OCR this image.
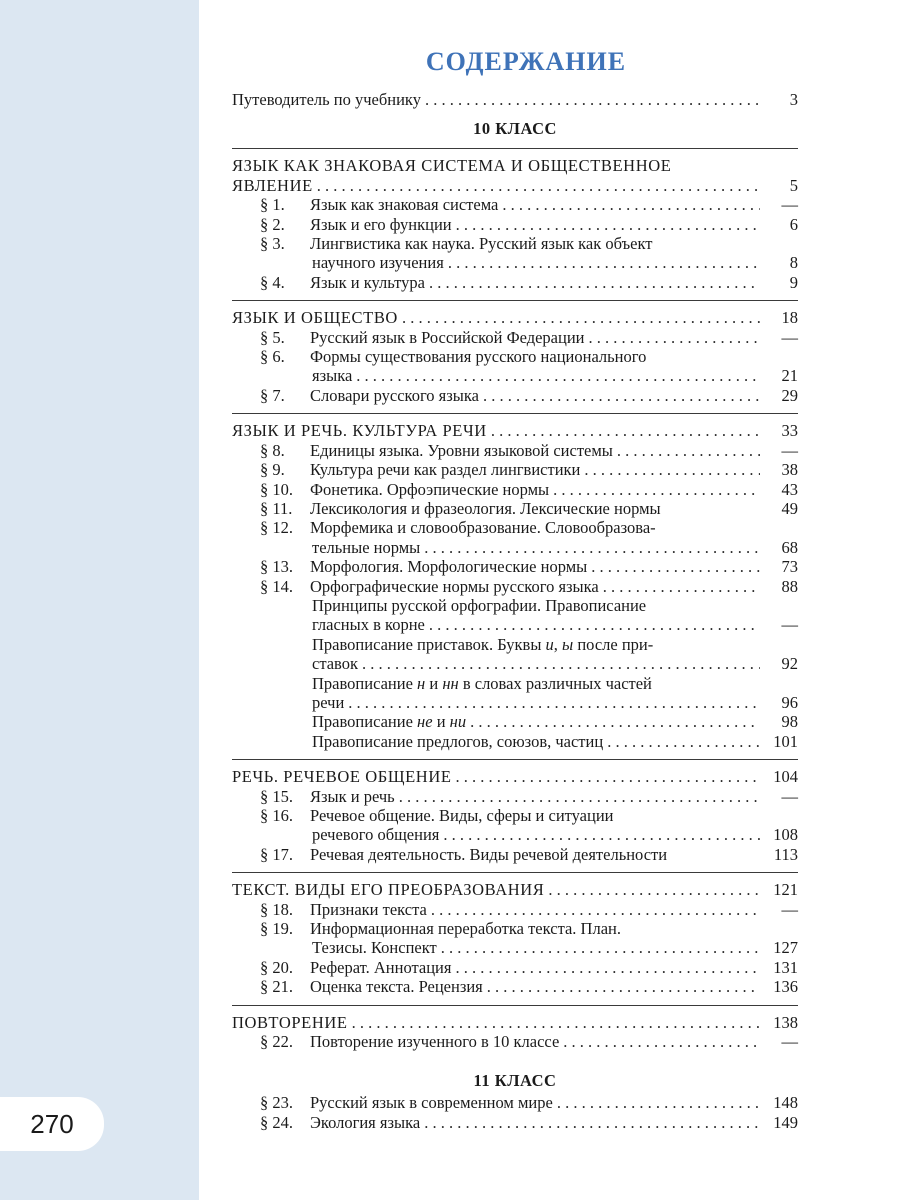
270
СОДЕРЖАНИЕ
Путеводитель по учебнику . . .	3
10 КЛАСС
ЯЗЫК КАК ЗНАКОВАЯ СИСТЕМА И ОБЩЕСТВЕННОЕ
ЯВЛЕНИЕ . . .	5
§ 1. Язык как знаковая система . . .	—
§ 2. Язык и его функции . . .	6
§ 3. Лингвистика как наука. Русский язык как объект
научного изучения . . .	8
§ 4. Язык и культура . . .	9
ЯЗЫК И ОБЩЕСТВО . . .	18
§ 5. Русский язык в Российской Федерации . . .	—
§ 6. Формы существования русского национального
языка . . .	21
§ 7. Словари русского языка . . .	29
ЯЗЫК И РЕЧЬ. КУЛЬТУРА РЕЧИ . . .	33
§ 8. Единицы языка. Уровни языковой системы . . .	—
§ 9. Культура речи как раздел лингвистики . . .	38
§ 10. Фонетика. Орфоэпические нормы . . .	43
§ 11. Лексикология и фразеология. Лексические нормы	49
§ 12. Морфемика и словообразование. Словообразова-
тельные нормы . . .	68
§ 13. Морфология. Морфологические нормы . . .	73
§ 14. Орфографические нормы русского языка . . .	88
Принципы русской орфографии. Правописание
гласных в корне . . .	—
Правописание приставок. Буквы и, ы после при-
ставок . . .	92
Правописание н и нн в словах различных частей
речи . . .	96
Правописание не и ни . . .	98
Правописание предлогов, союзов, частиц . . .	101
РЕЧЬ. РЕЧЕВОЕ ОБЩЕНИЕ . . .	104
§ 15. Язык и речь . . .	—
§ 16. Речевое общение. Виды, сферы и ситуации
речевого общения . . .	108
§ 17. Речевая деятельность. Виды речевой деятельности	113
ТЕКСТ. ВИДЫ ЕГО ПРЕОБРАЗОВАНИЯ . . .	121
§ 18. Признаки текста . . .	—
§ 19. Информационная переработка текста. План.
Тезисы. Конспект . . .	127
§ 20. Реферат. Аннотация . . .	131
§ 21. Оценка текста. Рецензия . . .	136
ПОВТОРЕНИЕ . . .	138
§ 22. Повторение изученного в 10 классе . . .	—
11 КЛАСС
§ 23. Русский язык в современном мире . . .	148
§ 24. Экология языка . . .	149
